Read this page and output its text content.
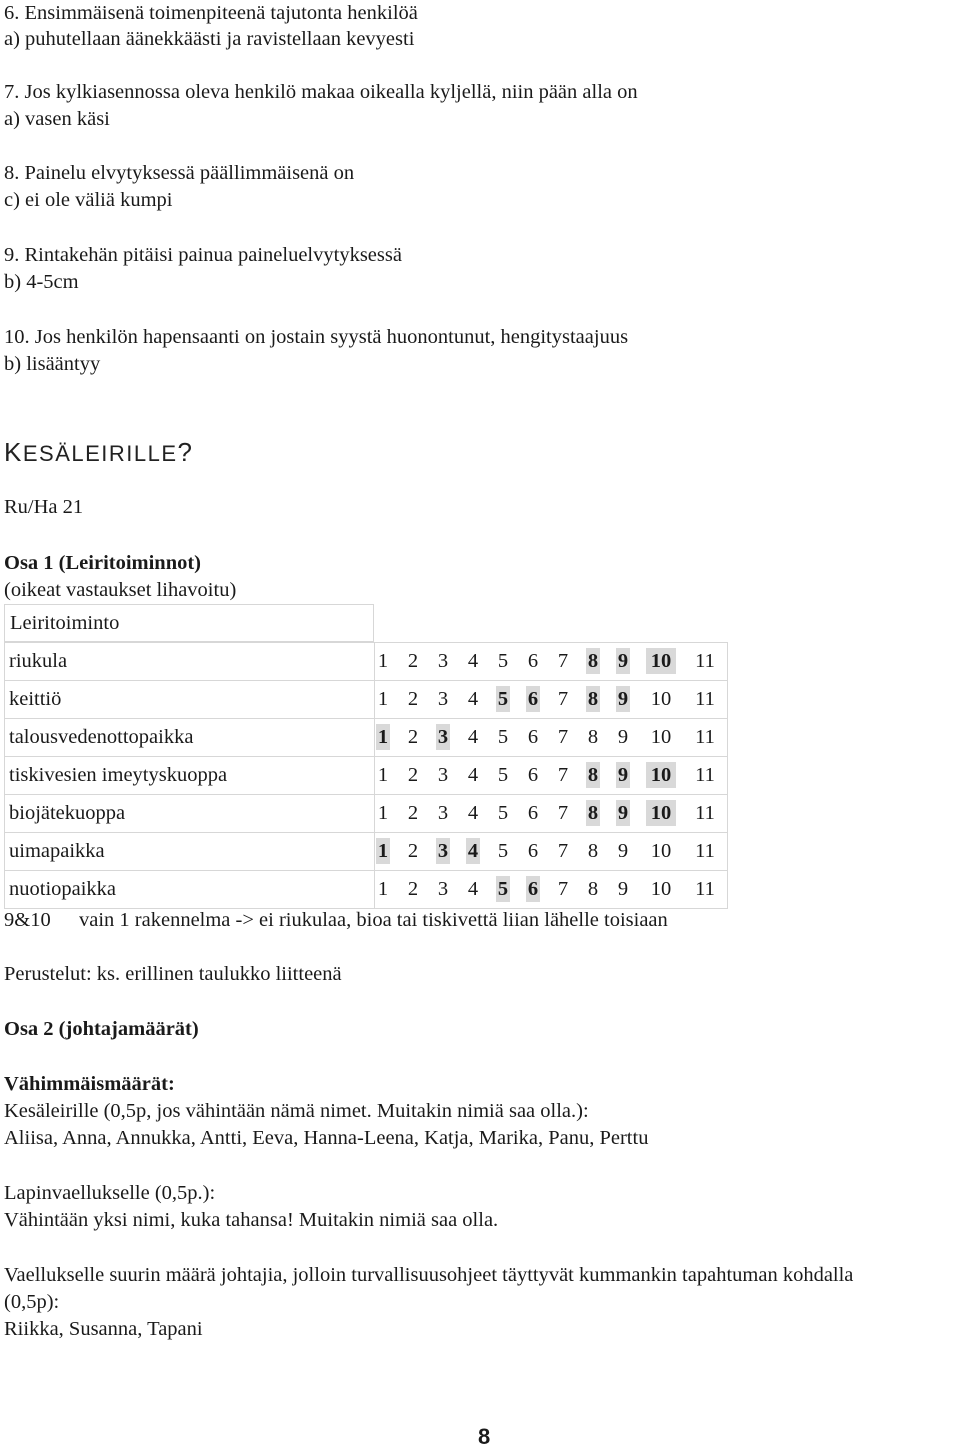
6. Ensimmäisenä toimenpiteenä tajutonta henkilöä
a) puhutellaan äänekkäästi ja ravistellaan kevyesti
7. Jos kylkiasennossa oleva henkilö makaa oikealla kyljellä, niin pään alla on
a) vasen käsi
8. Painelu elvytyksessä päällimmäisenä on
c) ei ole väliä kumpi
9. Rintakehän pitäisi painua paineluelvytyksessä
b) 4-5cm
10. Jos henkilön hapensaanti on jostain syystä huonontunut, hengitystaajuus
b) lisääntyy
KESÄLEIRILLE?
Ru/Ha 21
Osa 1 (Leiritoiminnot)
(oikeat vastaukset lihavoitu)
Leiritoiminto
riukula	1 2 3 4 5 6 7 8 9 10 11
keittiö	1 2 3 4 5 6 7 8 9 10 11
talousvedenottopaikka	1 2 3 4 5 6 7 8 9 10 11
tiskivesien imeytyskuoppa	1 2 3 4 5 6 7 8 9 10 11
biojätekuoppa	1 2 3 4 5 6 7 8 9 10 11
uimapaikka	1 2 3 4 5 6 7 8 9 10 11
nuotiopaikka	1 2 3 4 5 6 7 8 9 10 11
9&10 vain 1 rakennelma -> ei riukulaa, bioa tai tiskivettä liian lähelle toisiaan
Perustelut: ks. erillinen taulukko liitteenä
Osa 2 (johtajamäärät)
Vähimmäismäärät:
Kesäleirille (0,5p, jos vähintään nämä nimet. Muitakin nimiä saa olla.):
Aliisa, Anna, Annukka, Antti, Eeva, Hanna-Leena, Katja, Marika, Panu, Perttu
Lapinvaellukselle (0,5p.):
Vähintään yksi nimi, kuka tahansa! Muitakin nimiä saa olla.
Vaellukselle suurin määrä johtajia, jolloin turvallisuusohjeet täyttyvät kummankin tapahtuman kohdalla
(0,5p):
Riikka, Susanna, Tapani
8
